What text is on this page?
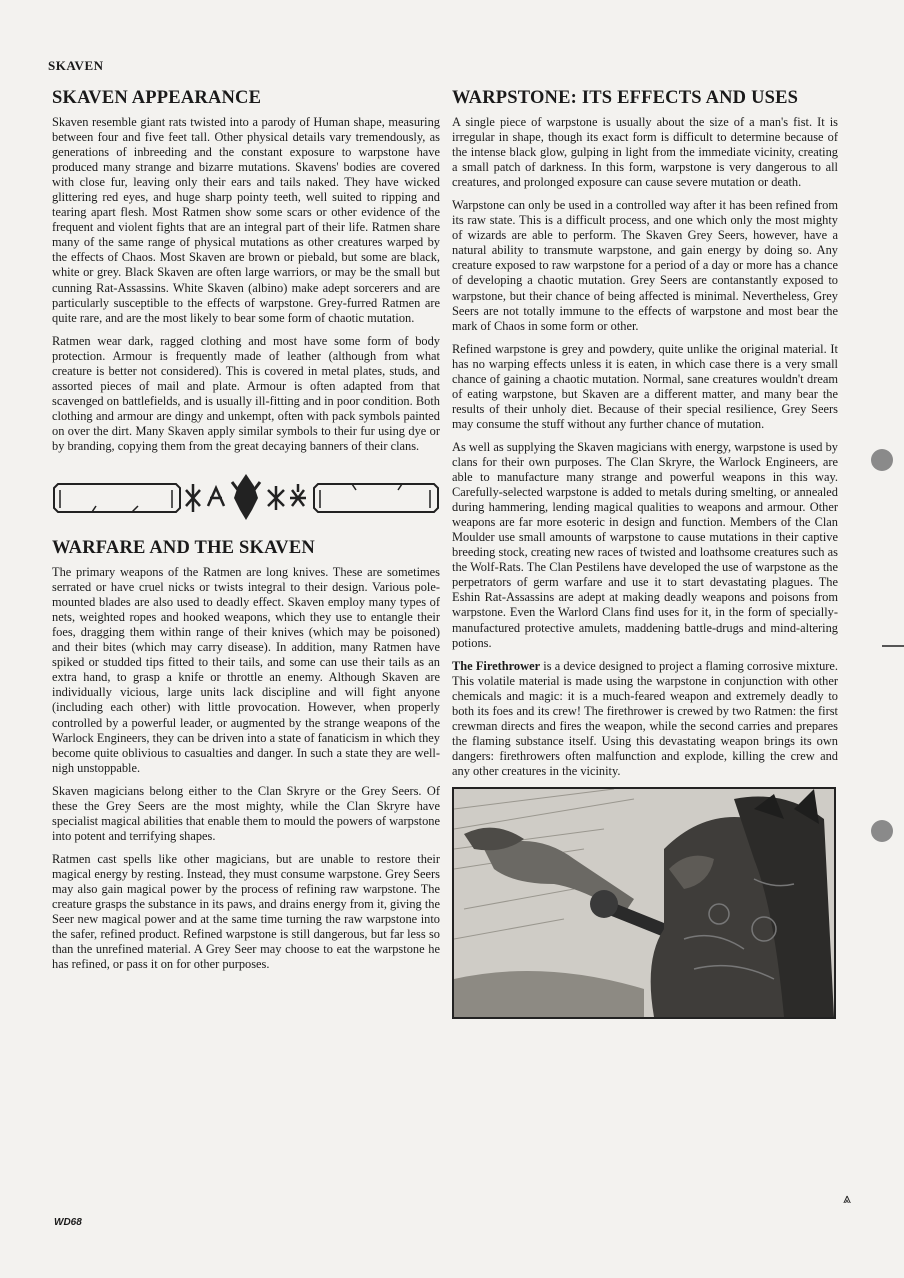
SKAVEN
SKAVEN APPEARANCE

Skaven resemble giant rats twisted into a parody of Human shape, measuring between four and five feet tall. Other physical details vary tremendously, as generations of inbreeding and the constant exposure to warpstone have produced many strange and bizarre mutations. Skavens' bodies are covered with close fur, leaving only their ears and tails naked. They have wicked glittering red eyes, and huge sharp pointy teeth, well suited to ripping and tearing apart flesh. Most Ratmen show some scars or other evidence of the frequent and violent fights that are an integral part of their life. Ratmen share many of the same range of physical mutations as other creatures warped by the effects of Chaos. Most Skaven are brown or piebald, but some are black, white or grey. Black Skaven are often large warriors, or may be the small but cunning Rat-Assassins. White Skaven (albino) make adept sorcerers and are particularly susceptible to the effects of warpstone. Grey-furred Ratmen are quite rare, and are the most likely to bear some form of chaotic mutation.

Ratmen wear dark, ragged clothing and most have some form of body protection. Armour is frequently made of leather (although from what creature is better not considered). This is covered in metal plates, studs, and assorted pieces of mail and plate. Armour is often adapted from that scavenged on battlefields, and is usually ill-fitting and in poor condition. Both clothing and armour are dingy and unkempt, often with pack symbols painted on over the dirt. Many Skaven apply similar symbols to their fur using dye or by branding, copying them from the great decaying banners of their clans.

WARFARE AND THE SKAVEN

The primary weapons of the Ratmen are long knives. These are sometimes serrated or have cruel nicks or twists integral to their design. Various pole-mounted blades are also used to deadly effect. Skaven employ many types of nets, weighted ropes and hooked weapons, which they use to entangle their foes, dragging them within range of their knives (which may be poisoned) and their bites (which may carry disease). In addition, many Ratmen have spiked or studded tips fitted to their tails, and some can use their tails as an extra hand, to grasp a knife or throttle an enemy. Although Skaven are individually vicious, large units lack discipline and will fight anyone (including each other) with little provocation. However, when properly controlled by a powerful leader, or augmented by the strange weapons of the Warlock Engineers, they can be driven into a state of fanaticism in which they become quite oblivious to casualties and danger. In such a state they are well-nigh unstoppable.

Skaven magicians belong either to the Clan Skryre or the Grey Seers. Of these the Grey Seers are the most mighty, while the Clan Skryre have specialist magical abilities that enable them to mould the powers of warpstone into potent and terrifying shapes.

Ratmen cast spells like other magicians, but are unable to restore their magical energy by resting. Instead, they must consume warpstone. Grey Seers may also gain magical power by the process of refining raw warpstone. The creature grasps the substance in its paws, and drains energy from it, giving the Seer new magical power and at the same time turning the raw warpstone into the safer, refined product. Refined warpstone is still dangerous, but far less so than the unrefined material. A Grey Seer may choose to eat the warpstone he has refined, or pass it on for other purposes.

WARPSTONE: ITS EFFECTS AND USES

A single piece of warpstone is usually about the size of a man's fist. It is irregular in shape, though its exact form is difficult to determine because of the intense black glow, gulping in light from the immediate vicinity, creating a small patch of darkness. In this form, warpstone is very dangerous to all creatures, and prolonged exposure can cause severe mutation or death.

Warpstone can only be used in a controlled way after it has been refined from its raw state. This is a difficult process, and one which only the most mighty of wizards are able to perform. The Skaven Grey Seers, however, have a natural ability to transmute warpstone, and gain energy by doing so. Any creature exposed to raw warpstone for a period of a day or more has a chance of developing a chaotic mutation. Grey Seers are contanstantly exposed to warpstone, but their chance of being affected is minimal. Nevertheless, Grey Seers are not totally immune to the effects of warpstone and most bear the mark of Chaos in some form or other.

Refined warpstone is grey and powdery, quite unlike the original material. It has no warping effects unless it is eaten, in which case there is a very small chance of gaining a chaotic mutation. Normal, sane creatures wouldn't dream of eating warpstone, but Skaven are a different matter, and many bear the results of their unholy diet. Because of their special resilience, Grey Seers may consume the stuff without any further chance of mutation.

As well as supplying the Skaven magicians with energy, warpstone is used by clans for their own purposes. The Clan Skryre, the Warlock Engineers, are able to manufacture many strange and powerful weapons in this way. Carefully-selected warpstone is added to metals during smelting, or annealed during hammering, lending magical qualities to weapons and armour. Other weapons are far more esoteric in design and function. Members of the Clan Moulder use small amounts of warpstone to cause mutations in their captive breeding stock, creating new races of twisted and loathsome creatures such as the Wolf-Rats. The Clan Pestilens have developed the use of warpstone as the perpetrators of germ warfare and use it to start devastating plagues. The Eshin Rat-Assassins are adept at making deadly weapons and poisons from warpstone. Even the Warlord Clans find uses for it, in the form of specially-manufactured protective amulets, maddening battle-drugs and mind-altering potions.

The Firethrower is a device designed to project a flaming corrosive mixture. This volatile material is made using the warpstone in conjunction with other chemicals and magic: it is a much-feared weapon and extremely deadly to both its foes and its crew! The firethrower is crewed by two Ratmen: the first crewman directs and fires the weapon, while the second carries and prepares the flaming substance itself. Using this devastating weapon brings its own dangers: firethrowers often malfunction and explode, killing the crew and any other creatures in the vicinity.

WD68
⩓
